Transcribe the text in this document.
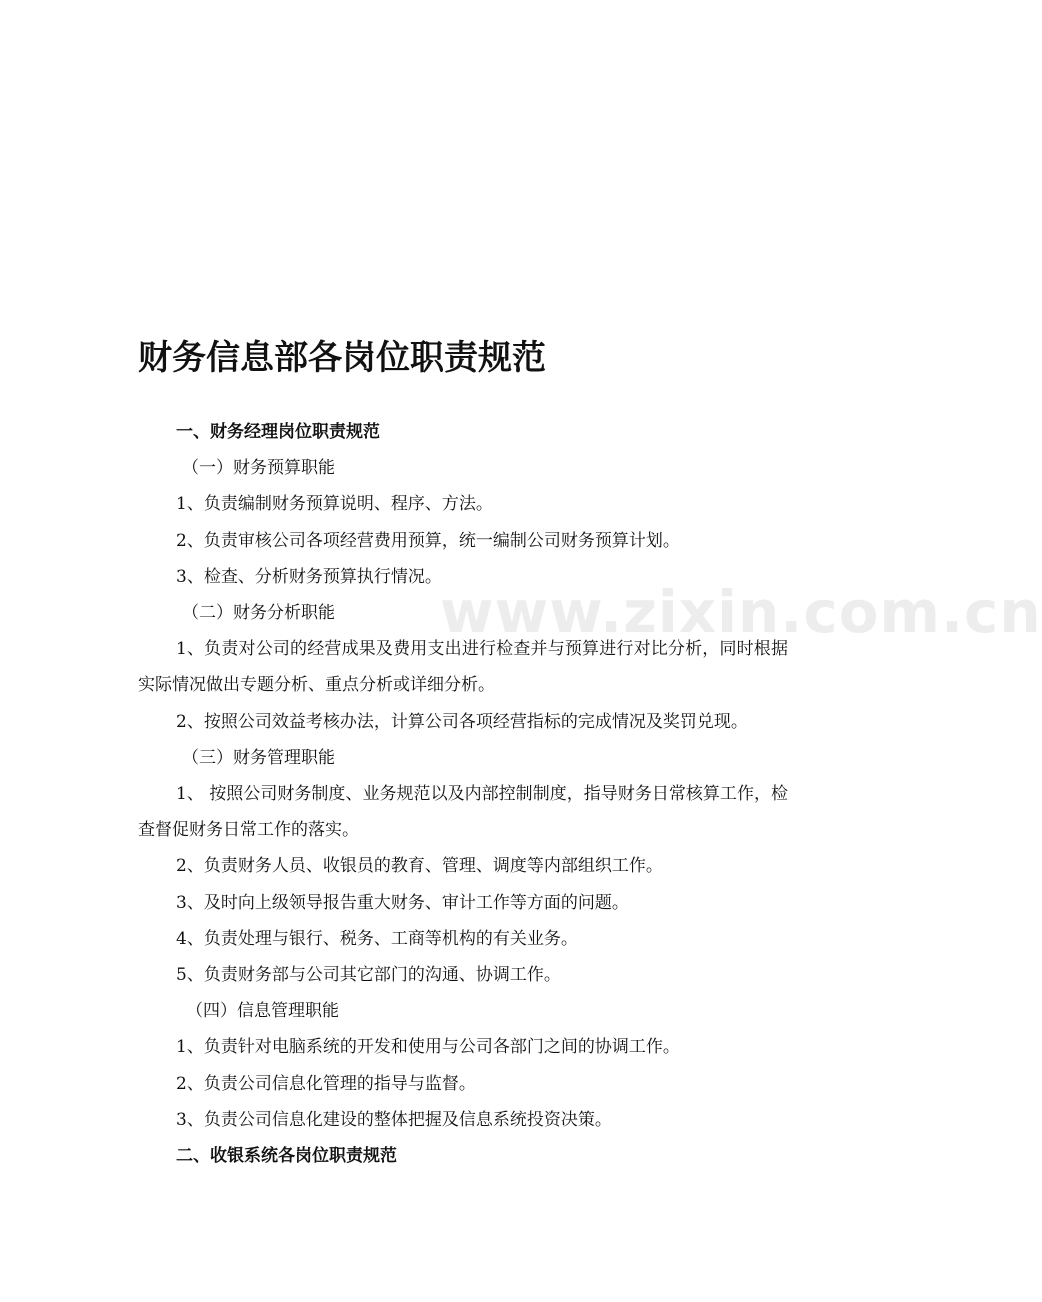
www.zixin.com.cn
财务信息部各岗位职责规范

一、财务经理岗位职责规范

（一）财务预算职能

1、负责编制财务预算说明、程序、方法。

2、负责审核公司各项经营费用预算，统一编制公司财务预算计划。

3、检查、分析财务预算执行情况。

（二）财务分析职能

1、负责对公司的经营成果及费用支出进行检查并与预算进行对比分析，同时根据实际情况做出专题分析、重点分析或详细分析。

2、按照公司效益考核办法，计算公司各项经营指标的完成情况及奖罚兑现。

（三）财务管理职能

1、 按照公司财务制度、业务规范以及内部控制制度，指导财务日常核算工作，检查督促财务日常工作的落实。

2、负责财务人员、收银员的教育、管理、调度等内部组织工作。

3、及时向上级领导报告重大财务、审计工作等方面的问题。

4、负责处理与银行、税务、工商等机构的有关业务。

5、负责财务部与公司其它部门的沟通、协调工作。

（四）信息管理职能

1、负责针对电脑系统的开发和使用与公司各部门之间的协调工作。

2、负责公司信息化管理的指导与监督。

3、负责公司信息化建设的整体把握及信息系统投资决策。

二、收银系统各岗位职责规范
